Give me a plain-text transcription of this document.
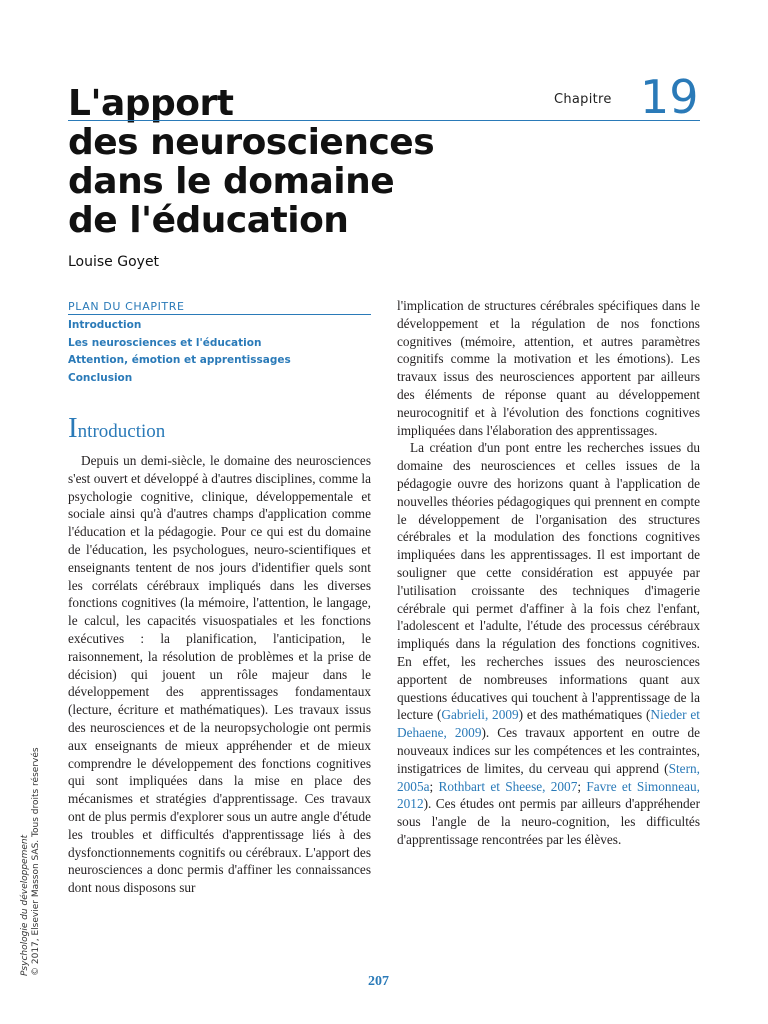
L'apport
des neurosciences
dans le domaine
de l'éducation
Louise Goyet
Chapitre 19
PLAN DU CHAPITRE
Introduction
Les neurosciences et l'éducation
Attention, émotion et apprentissages
Conclusion
Introduction

Depuis un demi-siècle, le domaine des neurosciences s'est ouvert et développé à d'autres disciplines, comme la psychologie cognitive, clinique, développementale et sociale ainsi qu'à d'autres champs d'application comme l'éducation et la pédagogie. Pour ce qui est du domaine de l'éducation, les psychologues, neuro-scientifiques et enseignants tentent de nos jours d'identifier quels sont les corrélats cérébraux impliqués dans les diverses fonctions cognitives (la mémoire, l'attention, le langage, le calcul, les capacités visuospatiales et les fonctions exécutives : la planification, l'anticipation, le raisonnement, la résolution de problèmes et la prise de décision) qui jouent un rôle majeur dans le développement des apprentissages fondamentaux (lecture, écriture et mathématiques). Les travaux issus des neurosciences et de la neuropsychologie ont permis aux enseignants de mieux appréhender et de mieux comprendre le développement des fonctions cognitives qui sont impliquées dans la mise en place des mécanismes et stratégies d'apprentissage. Ces travaux ont de plus permis d'explorer sous un autre angle d'étude les troubles et difficultés d'apprentissage liés à des dysfonctionnements cognitifs ou cérébraux. L'apport des neurosciences a donc permis d'affiner les connaissances dont nous disposons sur

l'implication de structures cérébrales spécifiques dans le développement et la régulation de nos fonctions cognitives (mémoire, attention, et autres paramètres cognitifs comme la motivation et les émotions). Les travaux issus des neurosciences apportent par ailleurs des éléments de réponse quant au développement neurocognitif et à l'évolution des fonctions cognitives impliquées dans l'élaboration des apprentissages.

La création d'un pont entre les recherches issues du domaine des neurosciences et celles issues de la pédagogie ouvre des horizons quant à l'application de nouvelles théories pédagogiques qui prennent en compte le développement de l'organisation des structures cérébrales et la modulation des fonctions cognitives impliquées dans les apprentissages. Il est important de souligner que cette considération est appuyée par l'utilisation croissante des techniques d'imagerie cérébrale qui permet d'affiner à la fois chez l'enfant, l'adolescent et l'adulte, l'étude des processus cérébraux impliqués dans la régulation des fonctions cognitives. En effet, les recherches issues des neurosciences apportent de nombreuses informations quant aux questions éducatives qui touchent à l'apprentissage de la lecture (Gabrieli, 2009) et des mathématiques (Nieder et Dehaene, 2009). Ces travaux apportent en outre de nouveaux indices sur les compétences et les contraintes, instigatrices de limites, du cerveau qui apprend (Stern, 2005a; Rothbart et Sheese, 2007; Favre et Simonneau, 2012). Ces études ont permis par ailleurs d'appréhender sous l'angle de la neuro-cognition, les difficultés d'apprentissage rencontrées par les élèves.

Psychologie du développement © 2017, Elsevier Masson SAS. Tous droits réservés
207
